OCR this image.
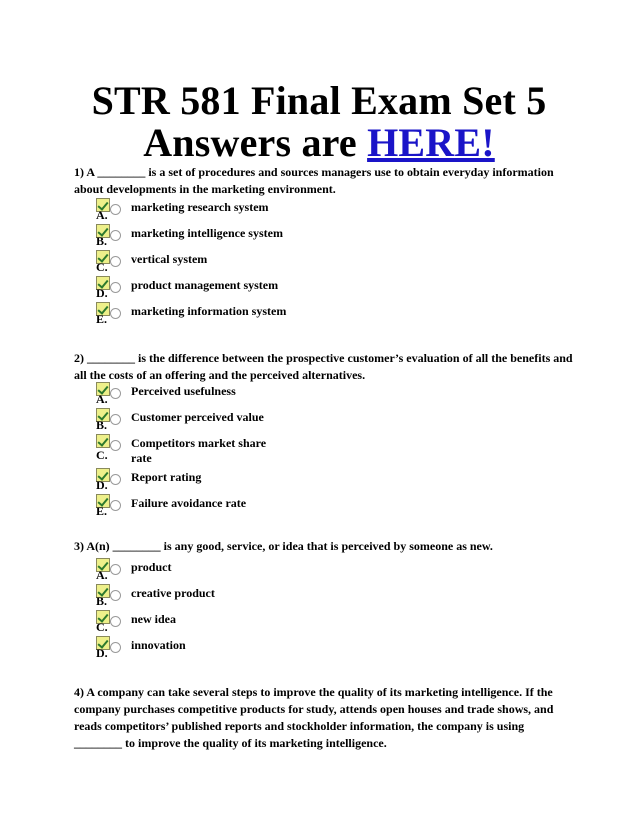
STR 581 Final Exam Set 5
Answers are HERE!
1) A ________ is a set of procedures and sources managers use to obtain everyday information about developments in the marketing environment.
A.
marketing research system
B.
marketing intelligence system
C.
vertical system
D.
product management system
E.
marketing information system
2) ________ is the difference between the prospective customer’s evaluation of all the benefits and all the costs of an offering and the perceived alternatives.
A.
Perceived usefulness
B.
Customer perceived value
C.
Competitors market share rate
D.
Report rating
E.
Failure avoidance rate
3) A(n) ________ is any good, service, or idea that is perceived by someone as new.
A.
product
B.
creative product
C.
new idea
D.
innovation
4) A company can take several steps to improve the quality of its marketing intelligence. If the company purchases competitive products for study, attends open houses and trade shows, and reads competitors’ published reports and stockholder information, the company is using ________ to improve the quality of its marketing intelligence.
